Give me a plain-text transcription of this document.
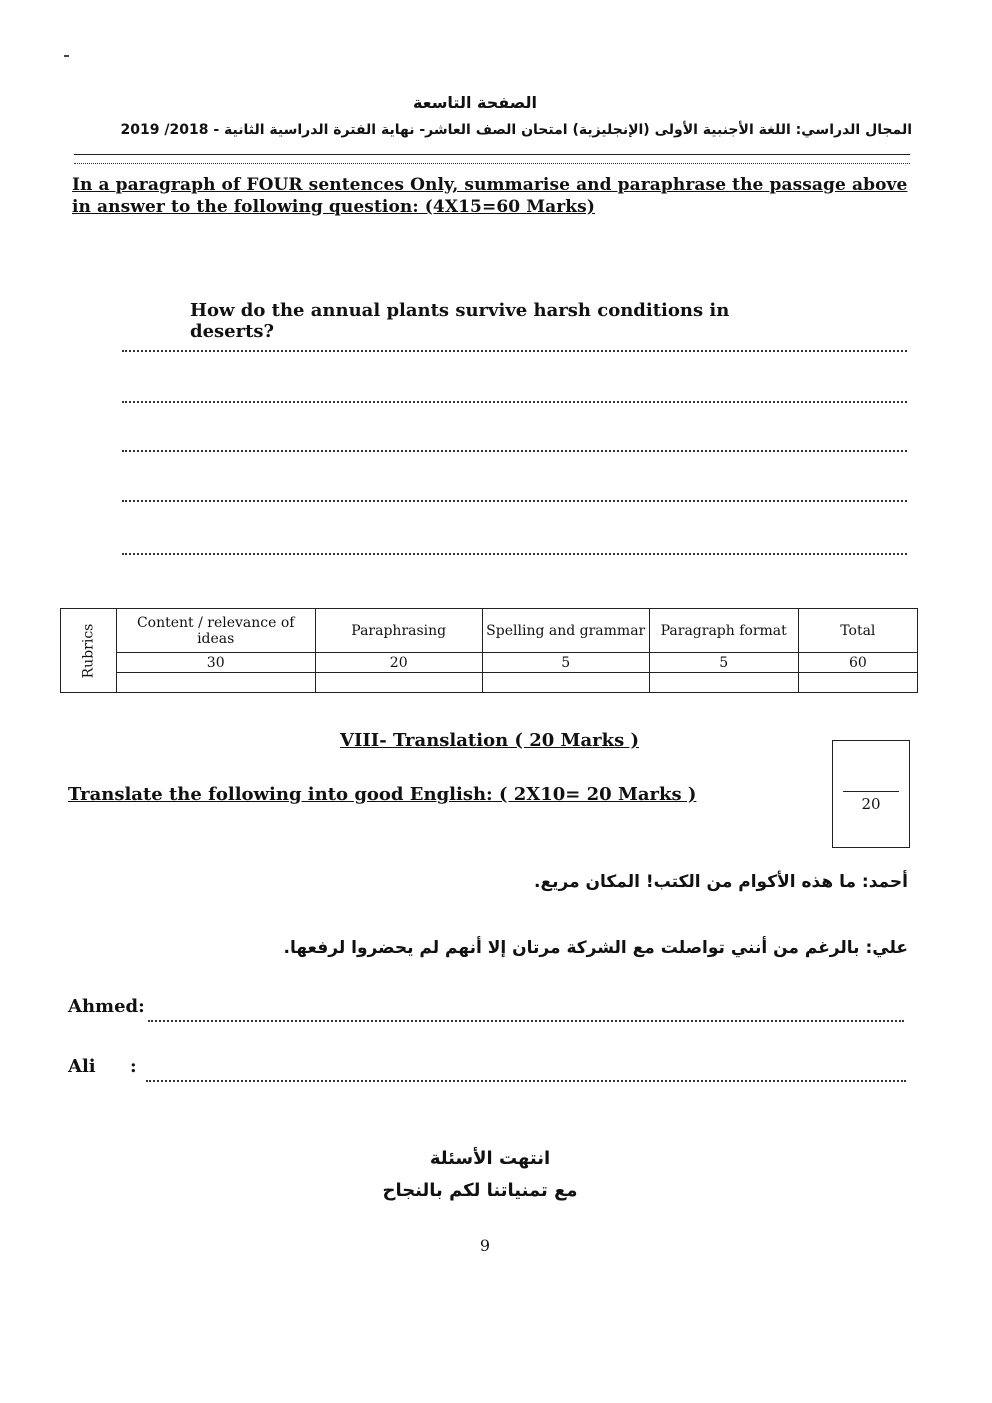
الصفحة التاسعة
المجال الدراسي: اللغة الأجنبية الأولى (الإنجليزية) امتحان الصف العاشر- نهاية الفترة الدراسية الثانية - 2018/ 2019
In a paragraph of FOUR sentences Only, summarise and paraphrase the passage above in answer to the following question: (4X15=60 Marks)
How do the annual plants survive harsh conditions in deserts?
Rubrics	Content / relevance of ideas	Paraphrasing	Spelling and grammar	Paragraph format	Total
	30	20	5	5	60

VIII- Translation ( 20 Marks )
Translate the following into good English: ( 2X10= 20 Marks )	20
أحمد: ما هذه الأكوام من الكتب! المكان مريع.
علي: بالرغم من أنني تواصلت مع الشركة مرتان إلا أنهم لم يحضروا لرفعها.
Ahmed:
Ali :
انتهت الأسئلة
مع تمنياتنا لكم بالنجاح
9
